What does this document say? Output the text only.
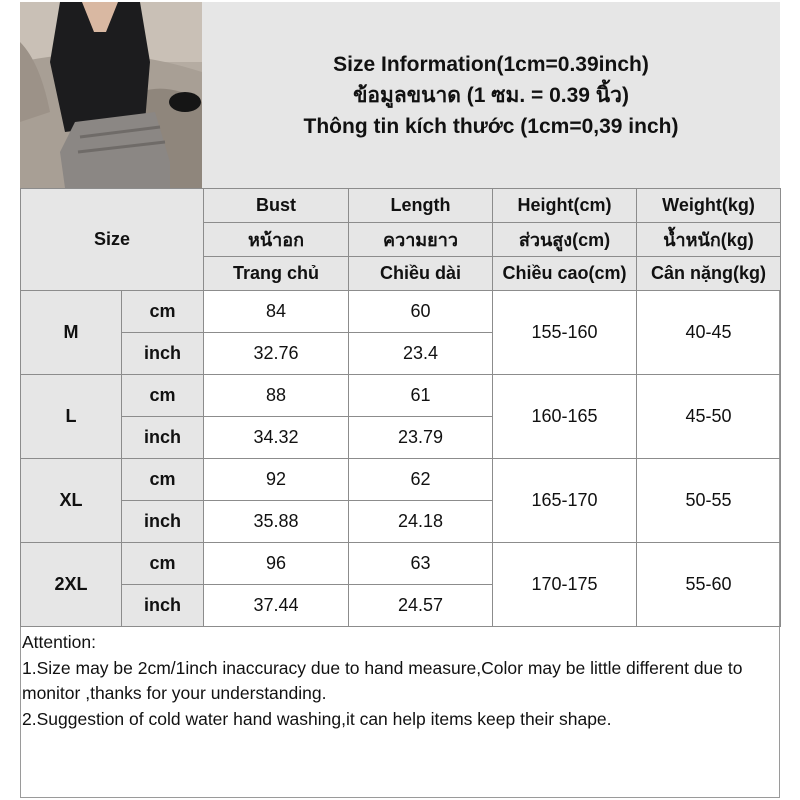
Size Information(1cm=0.39inch)
ข้อมูลขนาด (1 ซม. = 0.39 นิ้ว)
Thông tin kích thước (1cm=0,39 inch)
Size		Bust	Length	Height(cm)	Weight(kg)
		หน้าอก	ความยาว	ส่วนสูง(cm)	น้ำหนัก(kg)
		Trang chủ	Chiều dài	Chiều cao(cm)	Cân nặng(kg)
M	cm	84	60	155-160	40-45
	inch	32.76	23.4		
L	cm	88	61	160-165	45-50
	inch	34.32	23.79		
XL	cm	92	62	165-170	50-55
	inch	35.88	24.18		
2XL	cm	96	63	170-175	55-60
	inch	37.44	24.57		

Attention:

1.Size may be 2cm/1inch inaccuracy due to hand measure,Color may be little different due to monitor ,thanks for your understanding.

2.Suggestion of cold water hand washing,it can help items keep their shape.
